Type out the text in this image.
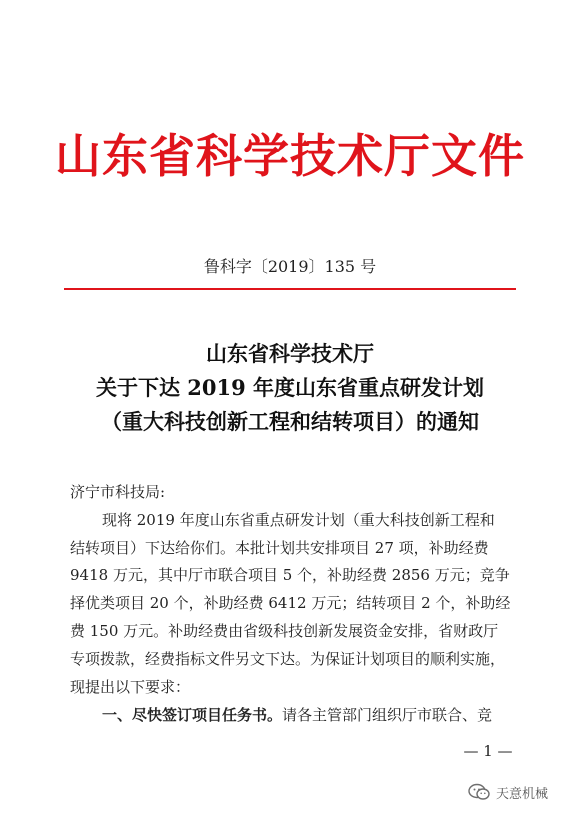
山东省科学技术厅文件
鲁科字〔2019〕135 号
山东省科学技术厅
关于下达 2019 年度山东省重点研发计划
（重大科技创新工程和结转项目）的通知
济宁市科技局:
现将 2019 年度山东省重点研发计划（重大科技创新工程和
结转项目）下达给你们。本批计划共安排项目 27 项，补助经费
9418 万元，其中厅市联合项目 5 个，补助经费 2856 万元；竞争
择优类项目 20 个，补助经费 6412 万元；结转项目 2 个，补助经
费 150 万元。补助经费由省级科技创新发展资金安排，省财政厅
专项拨款，经费指标文件另文下达。为保证计划项目的顺利实施，
现提出以下要求：
一、尽快签订项目任务书。请各主管部门组织厅市联合、竞
— 1 —
天意机械
